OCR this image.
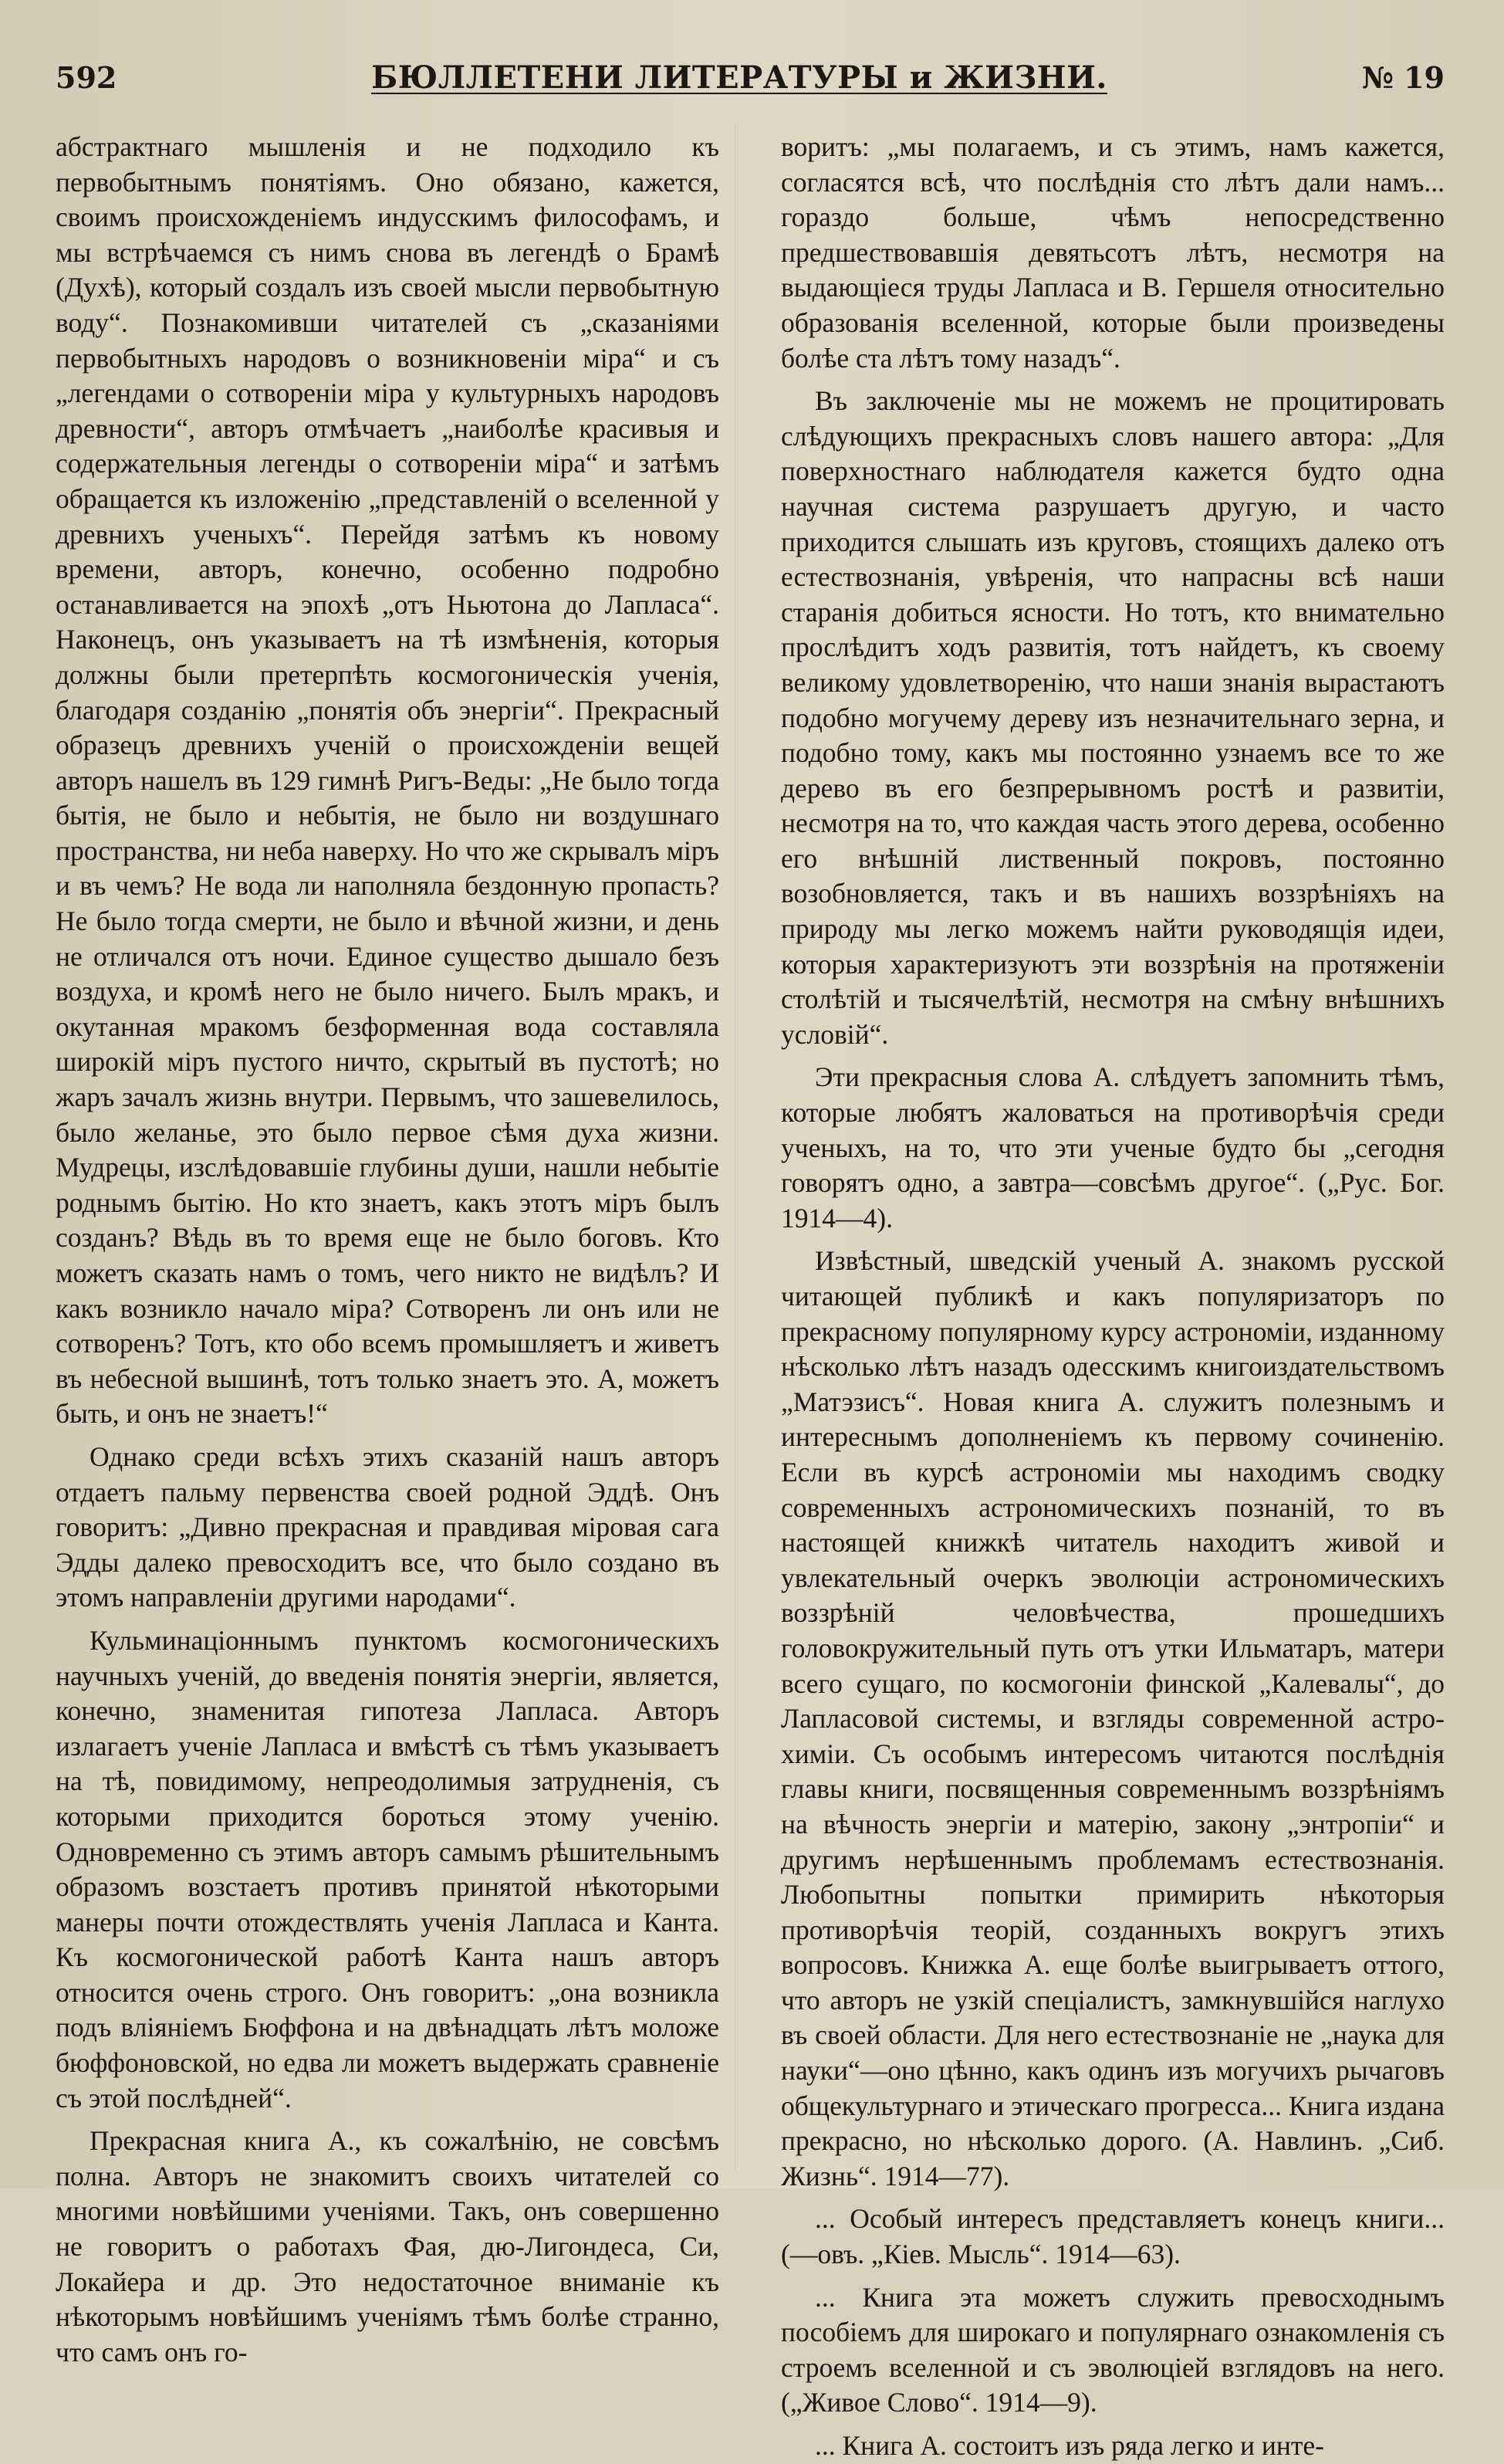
592	БЮЛЛЕТЕНИ ЛИТЕРАТУРЫ и ЖИЗНИ.	№ 19

абстрактнаго мышленія и не подходило къ первобытнымъ понятіямъ. Оно обязано, кажется, своимъ происхожденіемъ индусскимъ философамъ, и мы встрѣчаемся съ нимъ снова въ легендѣ о Брамѣ (Духѣ), который создалъ изъ своей мысли первобытную воду“. Познакомивши читателей съ „сказаніями первобытныхъ народовъ о возникновеніи міра“ и съ „легендами о сотвореніи міра у культурныхъ народовъ древности“, авторъ отмѣчаетъ „наиболѣе красивыя и содержательныя легенды о сотвореніи міра“ и затѣмъ обращается къ изложенію „представленій о вселенной у древнихъ ученыхъ“. Перейдя затѣмъ къ новому времени, авторъ, конечно, особенно подробно останавливается на эпохѣ „отъ Ньютона до Лапласа“. Наконецъ, онъ указываетъ на тѣ измѣненія, которыя должны были претерпѣть космогоническія ученія, благодаря созданію „понятія объ энергіи“. Прекрасный образецъ древнихъ ученій о происхожденіи вещей авторъ нашелъ въ 129 гимнѣ Ригъ-Веды: „Не было тогда бытія, не было и небытія, не было ни воздушнаго пространства, ни неба наверху. Но что же скрывалъ міръ и въ чемъ? Не вода ли наполняла бездонную пропасть? Не было тогда смерти, не было и вѣчной жизни, и день не отличался отъ ночи. Единое существо дышало безъ воздуха, и кромѣ него не было ничего. Былъ мракъ, и окутанная мракомъ безформенная вода составляла широкій міръ пустого ничто, скрытый въ пустотѣ; но жаръ зачалъ жизнь внутри. Первымъ, что зашевелилось, было желанье, это было первое сѣмя духа жизни. Мудрецы, изслѣдовавшіе глубины души, нашли небытіе роднымъ бытію. Но кто знаетъ, какъ этотъ міръ былъ созданъ? Вѣдь въ то время еще не было боговъ. Кто можетъ сказать намъ о томъ, чего никто не видѣлъ? И какъ возникло начало міра? Сотворенъ ли онъ или не сотворенъ? Тотъ, кто обо всемъ промышляетъ и живетъ въ небесной вышинѣ, тотъ только знаетъ это. А, можетъ быть, и онъ не знаетъ!“

Однако среди всѣхъ этихъ сказаній нашъ авторъ отдаетъ пальму первенства своей родной Эддѣ. Онъ говоритъ: „Дивно прекрасная и правдивая міровая сага Эдды далеко превосходитъ все, что было создано въ этомъ направленіи другими народами“.

Кульминаціоннымъ пунктомъ космогоническихъ научныхъ ученій, до введенія понятія энергіи, является, конечно, знаменитая гипотеза Лапласа. Авторъ излагаетъ ученіе Лапласа и вмѣстѣ съ тѣмъ указываетъ на тѣ, повидимому, непреодолимыя затрудненія, съ которыми приходится бороться этому ученію. Одновременно съ этимъ авторъ самымъ рѣшительнымъ образомъ возстаетъ противъ принятой нѣкоторыми манеры почти отождествлять ученія Лапласа и Канта. Къ космогонической работѣ Канта нашъ авторъ относится очень строго. Онъ говоритъ: „она возникла подъ вліяніемъ Бюффона и на двѣнадцать лѣтъ моложе бюффоновской, но едва ли можетъ выдержать сравненіе съ этой послѣдней“.

Прекрасная книга А., къ сожалѣнію, не совсѣмъ полна. Авторъ не знакомитъ своихъ читателей со многими новѣйшими ученіями. Такъ, онъ совершенно не говоритъ о работахъ Фая, дю-Лигондеса, Си, Локайера и др. Это недостаточное вниманіе къ нѣкоторымъ новѣйшимъ ученіямъ тѣмъ болѣе странно, что самъ онъ го-

воритъ: „мы полагаемъ, и съ этимъ, намъ кажется, согласятся всѣ, что послѣднія сто лѣтъ дали намъ... гораздо больше, чѣмъ непосредственно предшествовавшія девятьсотъ лѣтъ, несмотря на выдающіеся труды Лапласа и В. Гершеля относительно образованія вселенной, которые были произведены болѣе ста лѣтъ тому назадъ“.

Въ заключеніе мы не можемъ не процитировать слѣдующихъ прекрасныхъ словъ нашего автора: „Для поверхностнаго наблюдателя кажется будто одна научная система разрушаетъ другую, и часто приходится слышать изъ круговъ, стоящихъ далеко отъ естествознанія, увѣренія, что напрасны всѣ наши старанія добиться ясности. Но тотъ, кто внимательно прослѣдитъ ходъ развитія, тотъ найдетъ, къ своему великому удовлетворенію, что наши знанія вырастаютъ подобно могучему дереву изъ незначительнаго зерна, и подобно тому, какъ мы постоянно узнаемъ все то же дерево въ его безпрерывномъ ростѣ и развитіи, несмотря на то, что каждая часть этого дерева, особенно его внѣшній лиственный покровъ, постоянно возобновляется, такъ и въ нашихъ воззрѣніяхъ на природу мы легко можемъ найти руководящія идеи, которыя характеризуютъ эти воззрѣнія на протяженіи столѣтій и тысячелѣтій, несмотря на смѣну внѣшнихъ условій“.

Эти прекрасныя слова А. слѣдуетъ запомнить тѣмъ, которые любятъ жаловаться на противорѣчія среди ученыхъ, на то, что эти ученые будто бы „сегодня говорятъ одно, а завтра—совсѣмъ другое“. („Рус. Бог. 1914—4).

Извѣстный, шведскій ученый А. знакомъ русской читающей публикѣ и какъ популяризаторъ по прекрасному популярному курсу астрономіи, изданному нѣсколько лѣтъ назадъ одесскимъ книгоиздательствомъ „Матэзисъ“. Новая книга А. служитъ полезнымъ и интереснымъ дополненіемъ къ первому сочиненію. Если въ курсѣ астрономіи мы находимъ сводку современныхъ астрономическихъ познаній, то въ настоящей книжкѣ читатель находитъ живой и увлекательный очеркъ эволюціи астрономическихъ воззрѣній человѣчества, прошедшихъ головокружительный путь отъ утки Ильматаръ, матери всего сущаго, по космогоніи финской „Калевалы“, до Лапласовой системы, и взгляды современной астро-химіи. Съ особымъ интересомъ читаются послѣднія главы книги, посвященныя современнымъ воззрѣніямъ на вѣчность энергіи и матерію, закону „энтропіи“ и другимъ нерѣшеннымъ проблемамъ естествознанія. Любопытны попытки примирить нѣкоторыя противорѣчія теорій, созданныхъ вокругъ этихъ вопросовъ. Книжка А. еще болѣе выигрываетъ оттого, что авторъ не узкій спеціалистъ, замкнувшійся наглухо въ своей области. Для него естествознаніе не „наука для науки“—оно цѣнно, какъ одинъ изъ могучихъ рычаговъ общекультурнаго и этическаго прогресса... Книга издана прекрасно, но нѣсколько дорого. (А. Навлинъ. „Сиб. Жизнь“. 1914—77).

... Особый интересъ представляетъ конецъ книги... (—овъ. „Кіев. Мысль“. 1914—63).

... Книга эта можетъ служить превосходнымъ пособіемъ для широкаго и популярнаго ознакомленія съ строемъ вселенной и съ эволюціей взглядовъ на него. („Живое Слово“. 1914—9).

... Книга А. состоитъ изъ ряда легко и инте-
